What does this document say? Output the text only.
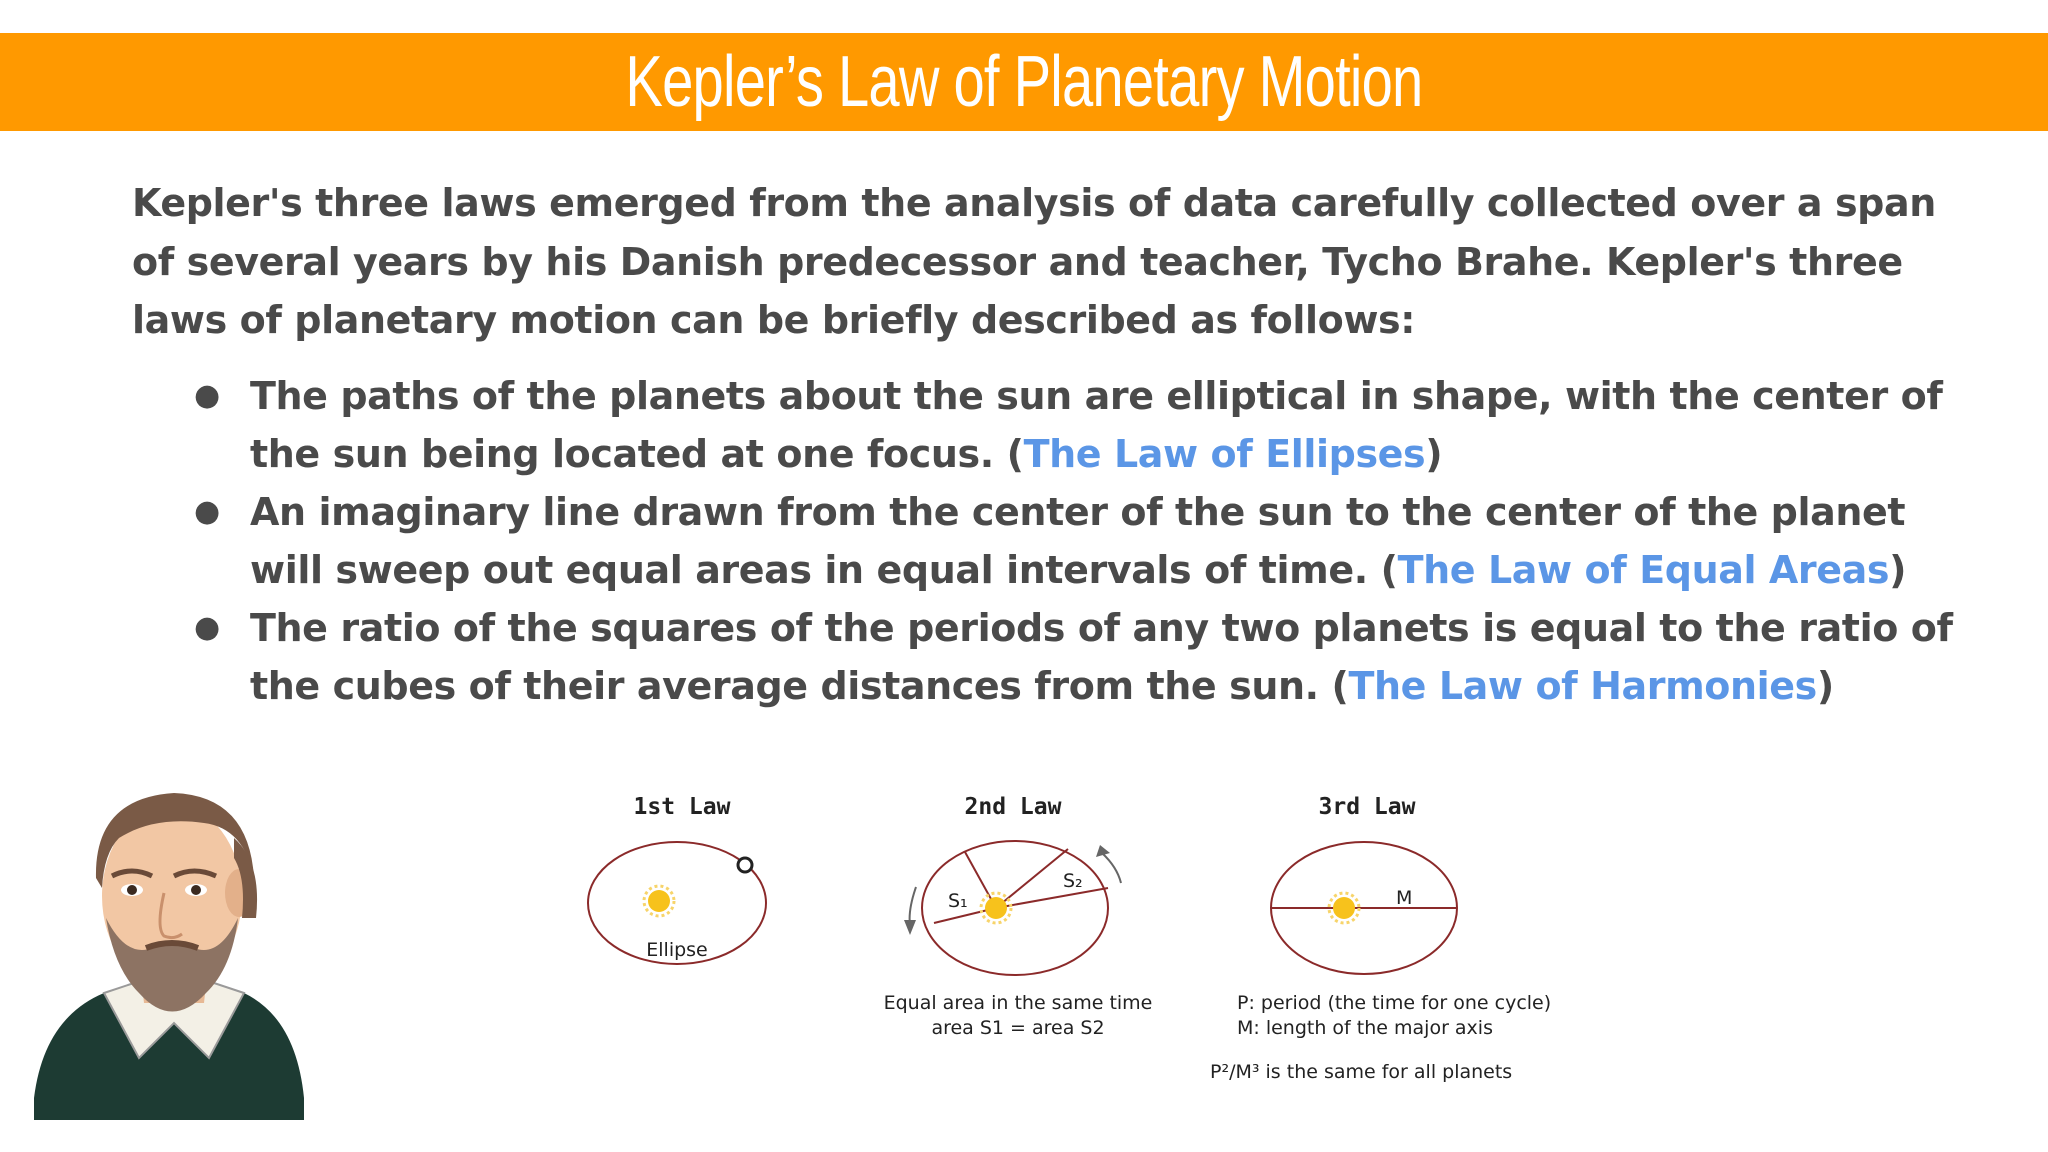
Kepler’s Law of Planetary Motion

Kepler's three laws emerged from the analysis of data carefully collected over a span of several years by his Danish predecessor and teacher, Tycho Brahe. Kepler's three laws of planetary motion can be briefly described as follows:

● The paths of the planets about the sun are elliptical in shape, with the center of the sun being located at one focus. (The Law of Ellipses)
● An imaginary line drawn from the center of the sun to the center of the planet will sweep out equal areas in equal intervals of time. (The Law of Equal Areas)
● The ratio of the squares of the periods of any two planets is equal to the ratio of the cubes of their average distances from the sun. (The Law of Harmonies)
1st Law
Ellipse
2nd Law
S₁
S₂
Equal area in the same time
area S1 = area S2
3rd Law
M
P: period (the time for one cycle)
M: length of the major axis
P²/M³ is the same for all planets
